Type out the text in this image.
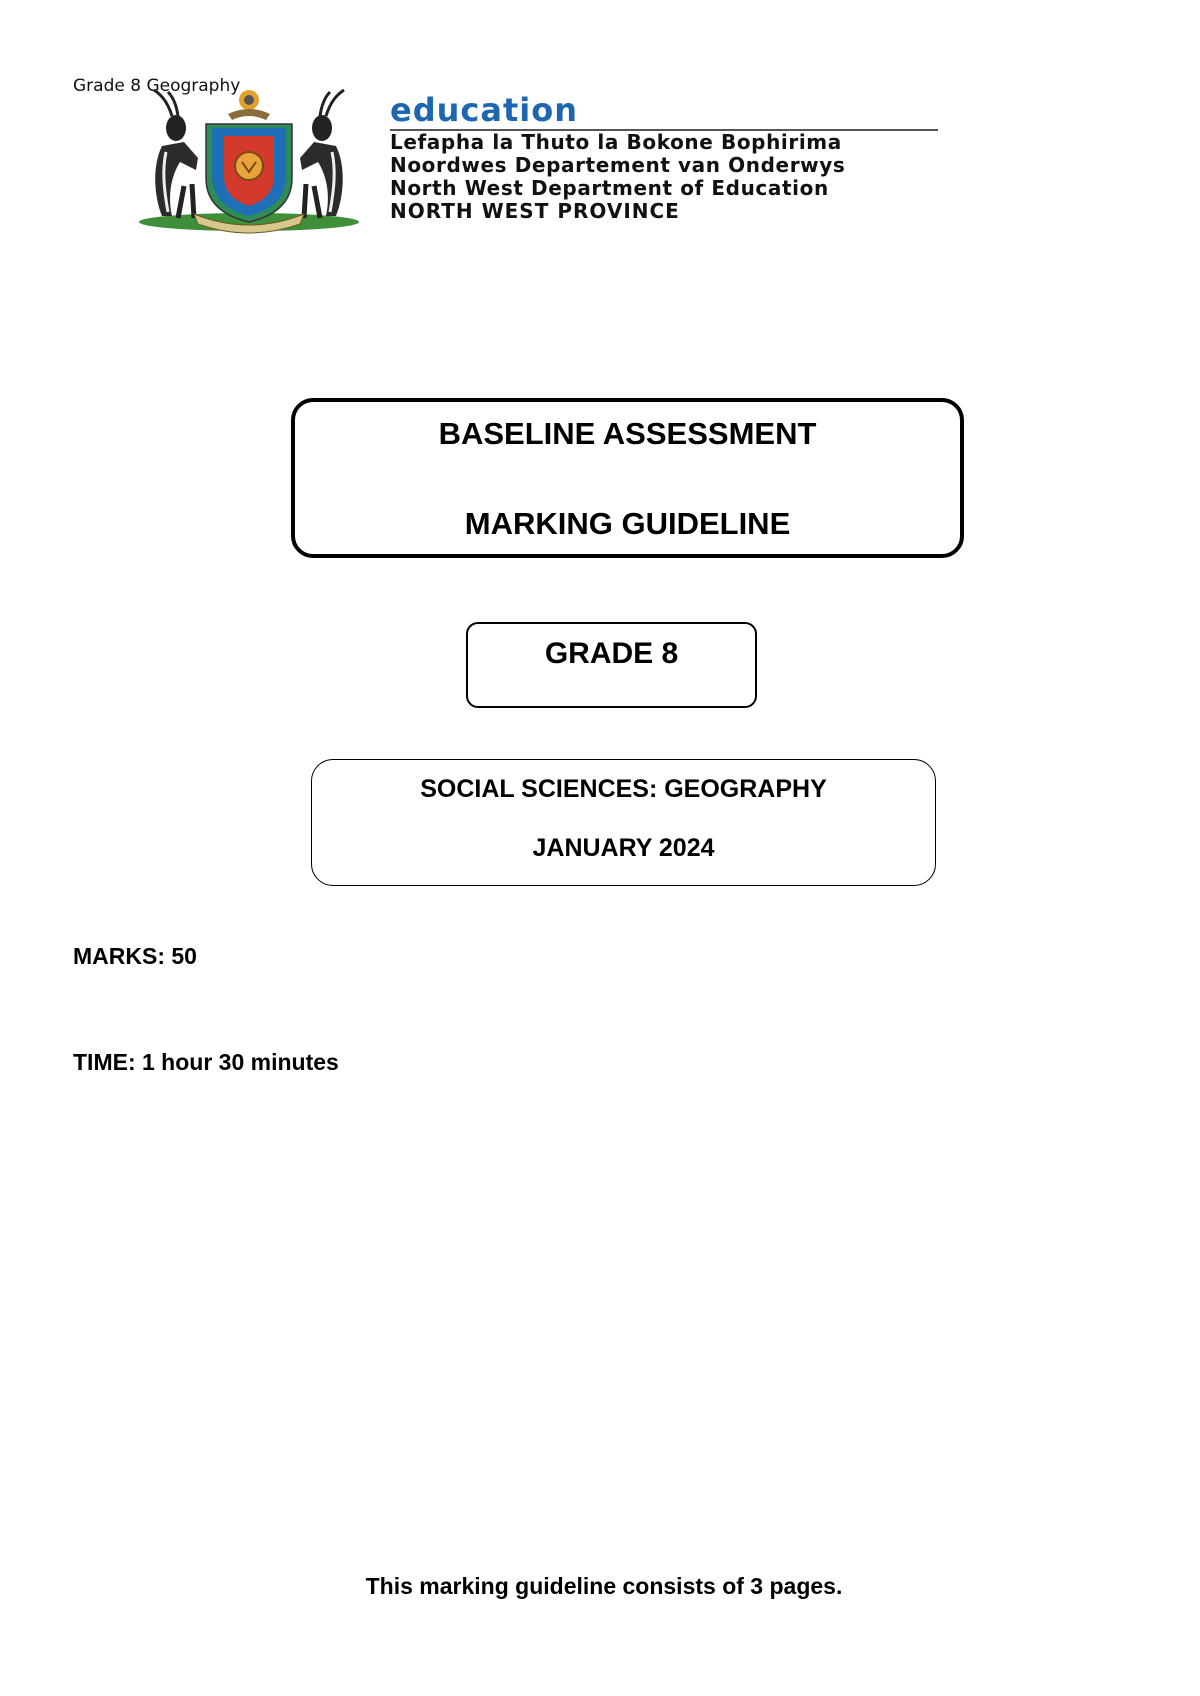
Grade 8 Geography
education
Lefapha la Thuto la Bokone Bophirima
Noordwes Departement van Onderwys
North West Department of Education
NORTH WEST PROVINCE
BASELINE ASSESSMENT
MARKING GUIDELINE
GRADE 8
SOCIAL SCIENCES: GEOGRAPHY
JANUARY 2024
MARKS: 50
TIME: 1 hour 30 minutes
This marking guideline consists of 3 pages.
